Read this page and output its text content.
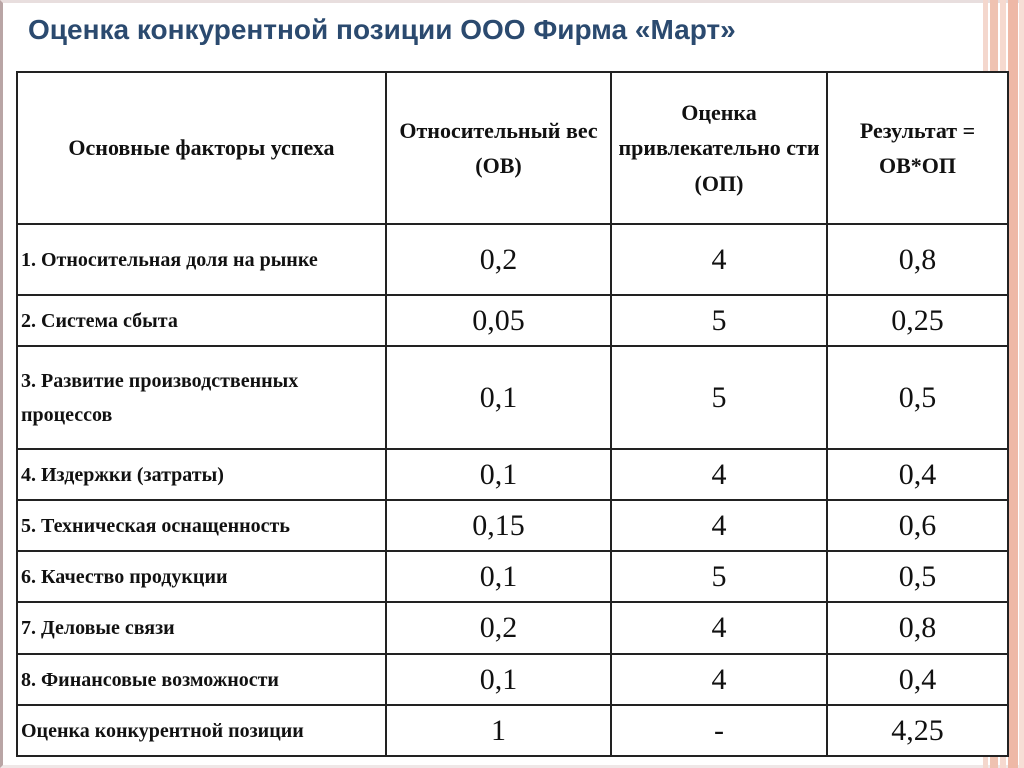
Оценка конкурентной позиции ООО Фирма «Март»
Основные факторы успеха	Относительный вес (ОВ)	Оценка привлекательно сти (ОП)	Результат = ОВ*ОП
1. Относительная доля на рынке	0,2	4	0,8
2. Система сбыта	0,05	5	0,25
3. Развитие производственных процессов	0,1	5	0,5
4. Издержки (затраты)	0,1	4	0,4
5. Техническая оснащенность	0,15	4	0,6
6. Качество продукции	0,1	5	0,5
7. Деловые связи	0,2	4	0,8
8. Финансовые возможности	0,1	4	0,4
Оценка конкурентной позиции	1	-	4,25
